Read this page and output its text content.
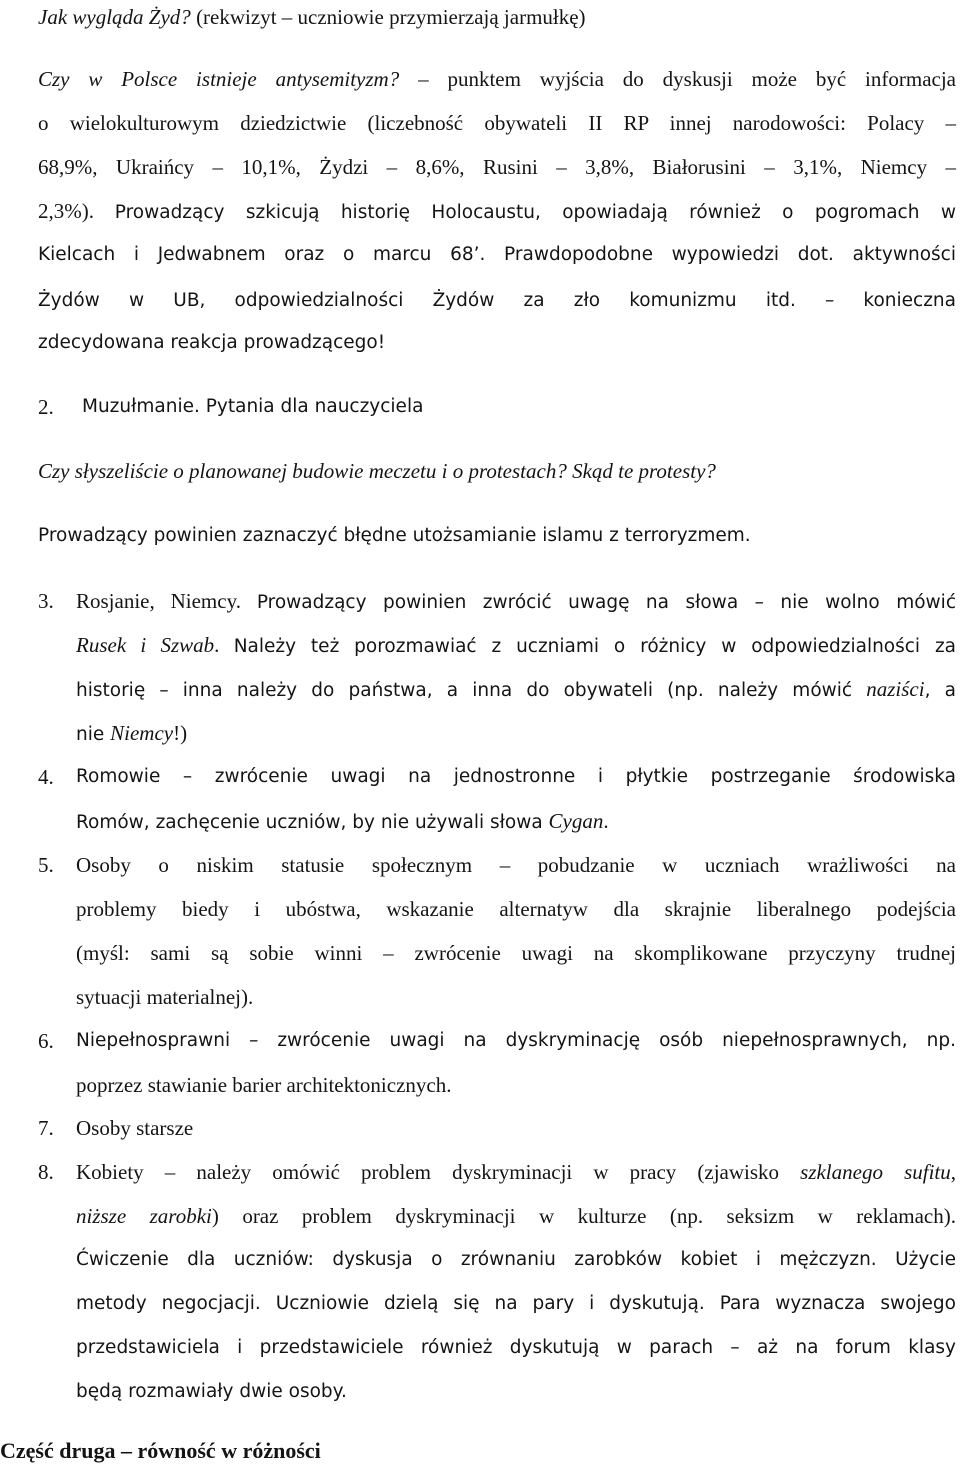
Jak wygląda Żyd? (rekwizyt – uczniowie przymierzają jarmułkę)
Czy w Polsce istnieje antysemityzm? – punktem wyjścia do dyskusji może być informacja
o wielokulturowym dziedzictwie (liczebność obywateli II RP innej narodowości: Polacy –
68,9%, Ukraińcy – 10,1%, Żydzi – 8,6%, Rusini – 3,8%, Białorusini – 3,1%, Niemcy –
2,3%). Prowadzący szkicują historię Holocaustu, opowiadają również o pogromach w
Kielcach i Jedwabnem oraz o marcu 68’. Prawdopodobne wypowiedzi dot. aktywności
Żydów w UB, odpowiedzialności Żydów za zło komunizmu itd. – konieczna
zdecydowana reakcja prowadzącego!
2. Muzułmanie. Pytania dla nauczyciela
Czy słyszeliście o planowanej budowie meczetu i o protestach? Skąd te protesty?
Prowadzący powinien zaznaczyć błędne utożsamianie islamu z terroryzmem.
3. Rosjanie, Niemcy. Prowadzący powinien zwrócić uwagę na słowa – nie wolno mówić
Rusek i Szwab. Należy też porozmawiać z uczniami o różnicy w odpowiedzialności za
historię – inna należy do państwa, a inna do obywateli (np. należy mówić naziści, a
nie Niemcy!)
4. Romowie – zwrócenie uwagi na jednostronne i płytkie postrzeganie środowiska
Romów, zachęcenie uczniów, by nie używali słowa Cygan.
5. Osoby o niskim statusie społecznym – pobudzanie w uczniach wrażliwości na
problemy biedy i ubóstwa, wskazanie alternatyw dla skrajnie liberalnego podejścia
(myśl: sami są sobie winni – zwrócenie uwagi na skomplikowane przyczyny trudnej
sytuacji materialnej).
6. Niepełnosprawni – zwrócenie uwagi na dyskryminację osób niepełnosprawnych, np.
poprzez stawianie barier architektonicznych.
7. Osoby starsze
8. Kobiety – należy omówić problem dyskryminacji w pracy (zjawisko szklanego sufitu,
niższe zarobki) oraz problem dyskryminacji w kulturze (np. seksizm w reklamach).
Ćwiczenie dla uczniów: dyskusja o zrównaniu zarobków kobiet i mężczyzn. Użycie
metody negocjacji. Uczniowie dzielą się na pary i dyskutują. Para wyznacza swojego
przedstawiciela i przedstawiciele również dyskutują w parach – aż na forum klasy
będą rozmawiały dwie osoby.
Część druga – równość w różności
